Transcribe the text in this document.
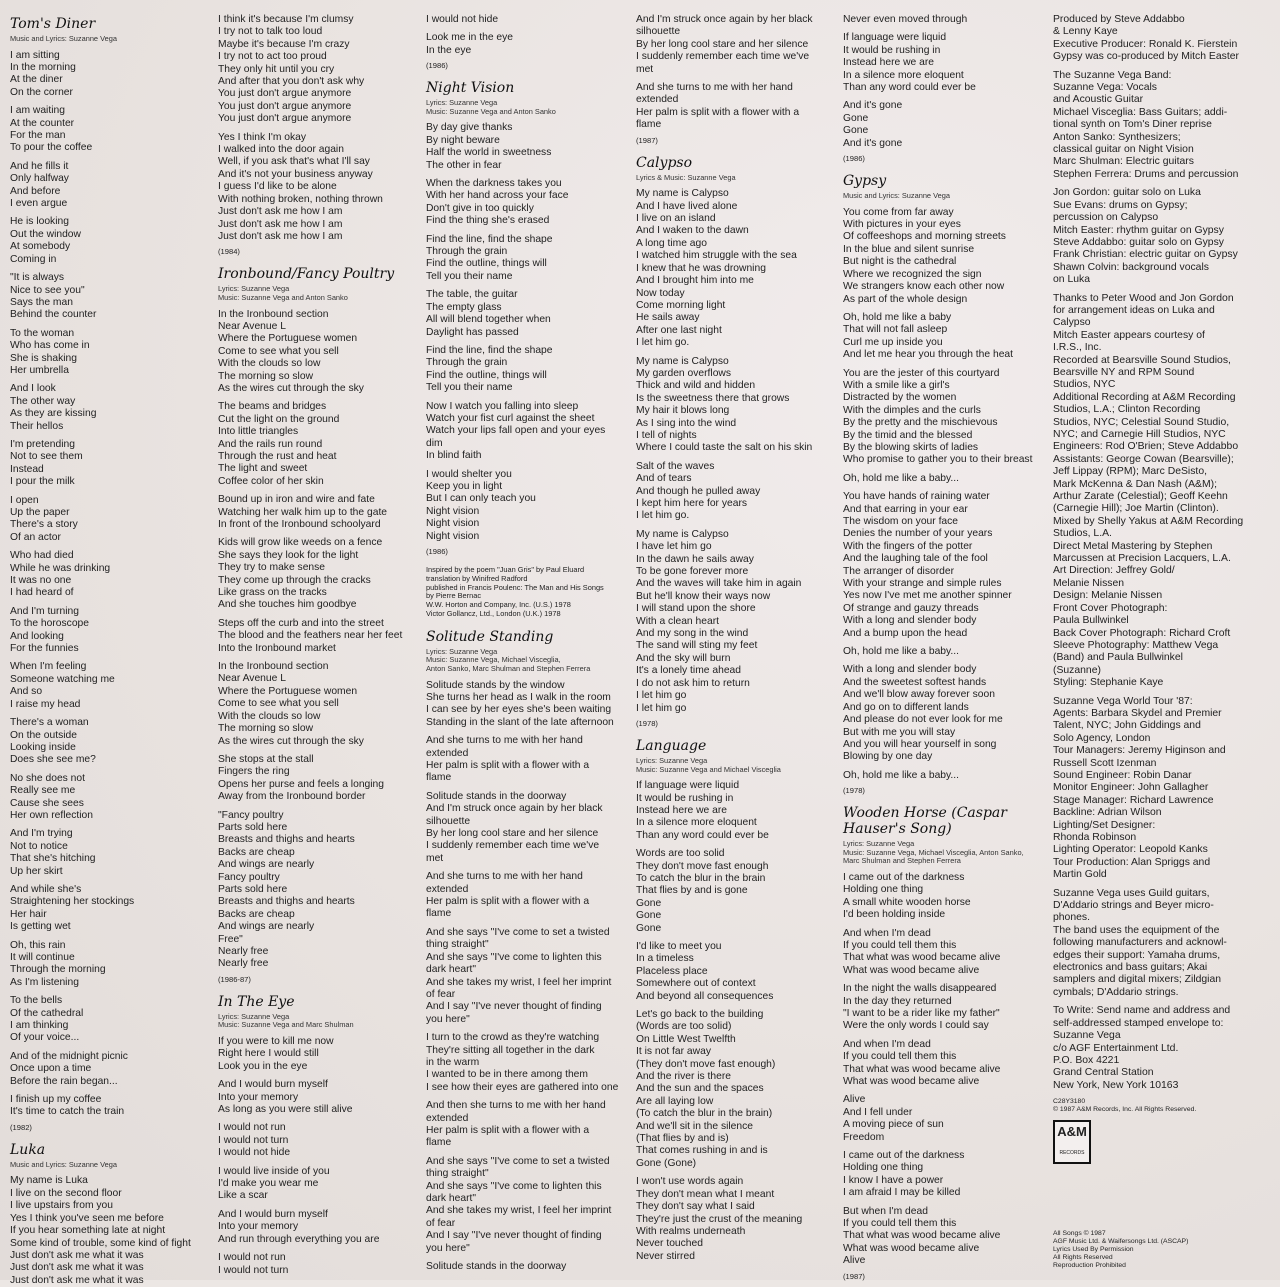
Tom's Diner
Music and Lyrics: Suzanne Vega
I am sitting
In the morning
At the diner
On the corner
I am waiting
At the counter
For the man
To pour the coffee
And he fills it
Only halfway
And before
I even argue
He is looking
Out the window
At somebody
Coming in
"It is always
Nice to see you"
Says the man
Behind the counter
To the woman
Who has come in
She is shaking
Her umbrella
And I look
The other way
As they are kissing
Their hellos
I'm pretending
Not to see them
Instead
I pour the milk
I open
Up the paper
There's a story
Of an actor
Who had died
While he was drinking
It was no one
I had heard of
And I'm turning
To the horoscope
And looking
For the funnies
When I'm feeling
Someone watching me
And so
I raise my head
There's a woman
On the outside
Looking inside
Does she see me?
No she does not
Really see me
Cause she sees
Her own reflection
And I'm trying
Not to notice
That she's hitching
Up her skirt
And while she's
Straightening her stockings
Her hair
Is getting wet
Oh, this rain
It will continue
Through the morning
As I'm listening
To the bells
Of the cathedral
I am thinking
Of your voice...
And of the midnight picnic
Once upon a time
Before the rain began...
I finish up my coffee
It's time to catch the train
(1982)
Luka
Music and Lyrics: Suzanne Vega
My name is Luka
I live on the second floor
I live upstairs from you
Yes I think you've seen me before
If you hear something late at night
Some kind of trouble, some kind of fight
Just don't ask me what it was
Just don't ask me what it was
Just don't ask me what it was
I think it's because I'm clumsy
I try not to talk too loud
Maybe it's because I'm crazy
I try not to act too proud
They only hit until you cry
And after that you don't ask why
You just don't argue anymore
You just don't argue anymore
You just don't argue anymore
Yes I think I'm okay
I walked into the door again
Well, if you ask that's what I'll say
And it's not your business anyway
I guess I'd like to be alone
With nothing broken, nothing thrown
Just don't ask me how I am
Just don't ask me how I am
Just don't ask me how I am
(1984)
Ironbound/Fancy Poultry
Lyrics: Suzanne Vega
Music: Suzanne Vega and Anton Sanko
In the Ironbound section
Near Avenue L
Where the Portuguese women
Come to see what you sell
With the clouds so low
The morning so slow
As the wires cut through the sky
The beams and bridges
Cut the light on the ground
Into little triangles
And the rails run round
Through the rust and heat
The light and sweet
Coffee color of her skin
Bound up in iron and wire and fate
Watching her walk him up to the gate
In front of the Ironbound schoolyard
Kids will grow like weeds on a fence
She says they look for the light
They try to make sense
They come up through the cracks
Like grass on the tracks
And she touches him goodbye
Steps off the curb and into the street
The blood and the feathers near her feet
Into the Ironbound market
In the Ironbound section
Near Avenue L
Where the Portuguese women
Come to see what you sell
With the clouds so low
The morning so slow
As the wires cut through the sky
She stops at the stall
Fingers the ring
Opens her purse and feels a longing
Away from the Ironbound border
"Fancy poultry
Parts sold here
Breasts and thighs and hearts
Backs are cheap
And wings are nearly
Fancy poultry
Parts sold here
Breasts and thighs and hearts
Backs are cheap
And wings are nearly
Free"
Nearly free
Nearly free
(1986-87)
In The Eye
Lyrics: Suzanne Vega
Music: Suzanne Vega and Marc Shulman
If you were to kill me now
Right here I would still
Look you in the eye
And I would burn myself
Into your memory
As long as you were still alive
I would not run
I would not turn
I would not hide
I would live inside of you
I'd make you wear me
Like a scar
And I would burn myself
Into your memory
And run through everything you are
I would not run
I would not turn
I would not hide
Look me in the eye
In the eye
(1986)
Night Vision
Lyrics: Suzanne Vega
Music: Suzanne Vega and Anton Sanko
By day give thanks
By night beware
Half the world in sweetness
The other in fear
When the darkness takes you
With her hand across your face
Don't give in too quickly
Find the thing she's erased
Find the line, find the shape
Through the grain
Find the outline, things will
Tell you their name
The table, the guitar
The empty glass
All will blend together when
Daylight has passed
Find the line, find the shape
Through the grain
Find the outline, things will
Tell you their name
Now I watch you falling into sleep
Watch your fist curl against the sheet
Watch your lips fall open and your eyes
dim
In blind faith
I would shelter you
Keep you in light
But I can only teach you
Night vision
Night vision
Night vision
(1986)
Inspired by the poem "Juan Gris" by Paul Eluard
translation by Winifred Radford
published in Francis Poulenc: The Man and His Songs
by Pierre Bernac
W.W. Horton and Company, Inc. (U.S.) 1978
Victor Gollancz, Ltd., London (U.K.) 1978
Solitude Standing
Lyrics: Suzanne Vega
Music: Suzanne Vega, Michael Visceglia,
Anton Sanko, Marc Shulman and Stephen Ferrera
Solitude stands by the window
She turns her head as I walk in the room
I can see by her eyes she's been waiting
Standing in the slant of the late afternoon
And she turns to me with her hand
extended
Her palm is split with a flower with a
flame
Solitude stands in the doorway
And I'm struck once again by her black
silhouette
By her long cool stare and her silence
I suddenly remember each time we've
met
And she turns to me with her hand
extended
Her palm is split with a flower with a
flame
And she says "I've come to set a twisted
thing straight"
And she says "I've come to lighten this
dark heart"
And she takes my wrist, I feel her imprint
of fear
And I say "I've never thought of finding
you here"
I turn to the crowd as they're watching
They're sitting all together in the dark
in the warm
I wanted to be in there among them
I see how their eyes are gathered into one
And then she turns to me with her hand
extended
Her palm is split with a flower with a
flame
And she says "I've come to set a twisted
thing straight"
And she says "I've come to lighten this
dark heart"
And she takes my wrist, I feel her imprint
of fear
And I say "I've never thought of finding
you here"
Solitude stands in the doorway
And I'm struck once again by her black
silhouette
By her long cool stare and her silence
I suddenly remember each time we've
met
And she turns to me with her hand
extended
Her palm is split with a flower with a
flame
(1987)
Calypso
Lyrics & Music: Suzanne Vega
My name is Calypso
And I have lived alone
I live on an island
And I waken to the dawn
A long time ago
I watched him struggle with the sea
I knew that he was drowning
And I brought him into me
Now today
Come morning light
He sails away
After one last night
I let him go.
My name is Calypso
My garden overflows
Thick and wild and hidden
Is the sweetness there that grows
My hair it blows long
As I sing into the wind
I tell of nights
Where I could taste the salt on his skin
Salt of the waves
And of tears
And though he pulled away
I kept him here for years
I let him go.
My name is Calypso
I have let him go
In the dawn he sails away
To be gone forever more
And the waves will take him in again
But he'll know their ways now
I will stand upon the shore
With a clean heart
And my song in the wind
The sand will sting my feet
And the sky will burn
It's a lonely time ahead
I do not ask him to return
I let him go
I let him go
(1978)
Language
Lyrics: Suzanne Vega
Music: Suzanne Vega and Michael Visceglia
If language were liquid
It would be rushing in
Instead here we are
In a silence more eloquent
Than any word could ever be
Words are too solid
They don't move fast enough
To catch the blur in the brain
That flies by and is gone
Gone
Gone
Gone
I'd like to meet you
In a timeless
Placeless place
Somewhere out of context
And beyond all consequences
Let's go back to the building
(Words are too solid)
On Little West Twelfth
It is not far away
(They don't move fast enough)
And the river is there
And the sun and the spaces
Are all laying low
(To catch the blur in the brain)
And we'll sit in the silence
(That flies by and is)
That comes rushing in and is
Gone (Gone)
I won't use words again
They don't mean what I meant
They don't say what I said
They're just the crust of the meaning
With realms underneath
Never touched
Never stirred
Never even moved through
If language were liquid
It would be rushing in
Instead here we are
In a silence more eloquent
Than any word could ever be
And it's gone
Gone
Gone
And it's gone
(1986)
Gypsy
Music and Lyrics: Suzanne Vega
You come from far away
With pictures in your eyes
Of coffeeshops and morning streets
In the blue and silent sunrise
But night is the cathedral
Where we recognized the sign
We strangers know each other now
As part of the whole design
Oh, hold me like a baby
That will not fall asleep
Curl me up inside you
And let me hear you through the heat
You are the jester of this courtyard
With a smile like a girl's
Distracted by the women
With the dimples and the curls
By the pretty and the mischievous
By the timid and the blessed
By the blowing skirts of ladies
Who promise to gather you to their breast
Oh, hold me like a baby...
You have hands of raining water
And that earring in your ear
The wisdom on your face
Denies the number of your years
With the fingers of the potter
And the laughing tale of the fool
The arranger of disorder
With your strange and simple rules
Yes now I've met me another spinner
Of strange and gauzy threads
With a long and slender body
And a bump upon the head
Oh, hold me like a baby...
With a long and slender body
And the sweetest softest hands
And we'll blow away forever soon
And go on to different lands
And please do not ever look for me
But with me you will stay
And you will hear yourself in song
Blowing by one day
Oh, hold me like a baby...
(1978)
Wooden Horse (Caspar Hauser's Song)
Lyrics: Suzanne Vega
Music: Suzanne Vega, Michael Visceglia, Anton Sanko,
Marc Shulman and Stephen Ferrera
I came out of the darkness
Holding one thing
A small white wooden horse
I'd been holding inside
And when I'm dead
If you could tell them this
That what was wood became alive
What was wood became alive
In the night the walls disappeared
In the day they returned
"I want to be a rider like my father"
Were the only words I could say
And when I'm dead
If you could tell them this
That what was wood became alive
What was wood became alive
Alive
And I fell under
A moving piece of sun
Freedom
I came out of the darkness
Holding one thing
I know I have a power
I am afraid I may be killed
But when I'm dead
If you could tell them this
That what was wood became alive
What was wood became alive
Alive
(1987)
Produced by Steve Addabbo
& Lenny Kaye
Executive Producer: Ronald K. Fierstein
Gypsy was co-produced by Mitch Easter
The Suzanne Vega Band:
Suzanne Vega: Vocals
and Acoustic Guitar
Michael Visceglia: Bass Guitars; addi-
tional synth on Tom's Diner reprise
Anton Sanko: Synthesizers;
classical guitar on Night Vision
Marc Shulman: Electric guitars
Stephen Ferrera: Drums and percussion
Jon Gordon: guitar solo on Luka
Sue Evans: drums on Gypsy;
percussion on Calypso
Mitch Easter: rhythm guitar on Gypsy
Steve Addabbo: guitar solo on Gypsy
Frank Christian: electric guitar on Gypsy
Shawn Colvin: background vocals
on Luka
Thanks to Peter Wood and Jon Gordon
for arrangement ideas on Luka and
Calypso
Mitch Easter appears courtesy of
I.R.S., Inc.
Recorded at Bearsville Sound Studios,
Bearsville NY and RPM Sound
Studios, NYC
Additional Recording at A&M Recording
Studios, L.A.; Clinton Recording
Studios, NYC; Celestial Sound Studio,
NYC; and Carnegie Hill Studios, NYC
Engineers: Rod O'Brien; Steve Addabbo
Assistants: George Cowan (Bearsville);
Jeff Lippay (RPM); Marc DeSisto,
Mark McKenna & Dan Nash (A&M);
Arthur Zarate (Celestial); Geoff Keehn
(Carnegie Hill); Joe Martin (Clinton).
Mixed by Shelly Yakus at A&M Recording
Studios, L.A.
Direct Metal Mastering by Stephen
Marcussen at Precision Lacquers, L.A.
Art Direction: Jeffrey Gold/
Melanie Nissen
Design: Melanie Nissen
Front Cover Photograph:
Paula Bullwinkel
Back Cover Photograph: Richard Croft
Sleeve Photography: Matthew Vega
(Band) and Paula Bullwinkel
(Suzanne)
Styling: Stephanie Kaye
Suzanne Vega World Tour '87:
Agents: Barbara Skydel and Premier
Talent, NYC; John Giddings and
Solo Agency, London
Tour Managers: Jeremy Higinson and
Russell Scott Izenman
Sound Engineer: Robin Danar
Monitor Engineer: John Gallagher
Stage Manager: Richard Lawrence
Backline: Adrian Wilson
Lighting/Set Designer:
Rhonda Robinson
Lighting Operator: Leopold Kanks
Tour Production: Alan Spriggs and
Martin Gold
Suzanne Vega uses Guild guitars,
D'Addario strings and Beyer micro-
phones.
The band uses the equipment of the
following manufacturers and acknowl-
edges their support: Yamaha drums,
electronics and bass guitars; Akai
samplers and digital mixers; Zildgian
cymbals; D'Addario strings.
To Write: Send name and address and
self-addressed stamped envelope to:
Suzanne Vega
c/o AGF Entertainment Ltd.
P.O. Box 4221
Grand Central Station
New York, New York 10163
C28Y3180
© 1987 A&M Records, Inc. All Rights Reserved.
A&M
RECORDS
All Songs © 1987
AGF Music Ltd. & Waifersongs Ltd. (ASCAP)
Lyrics Used By Permission
All Rights Reserved
Reproduction Prohibited
